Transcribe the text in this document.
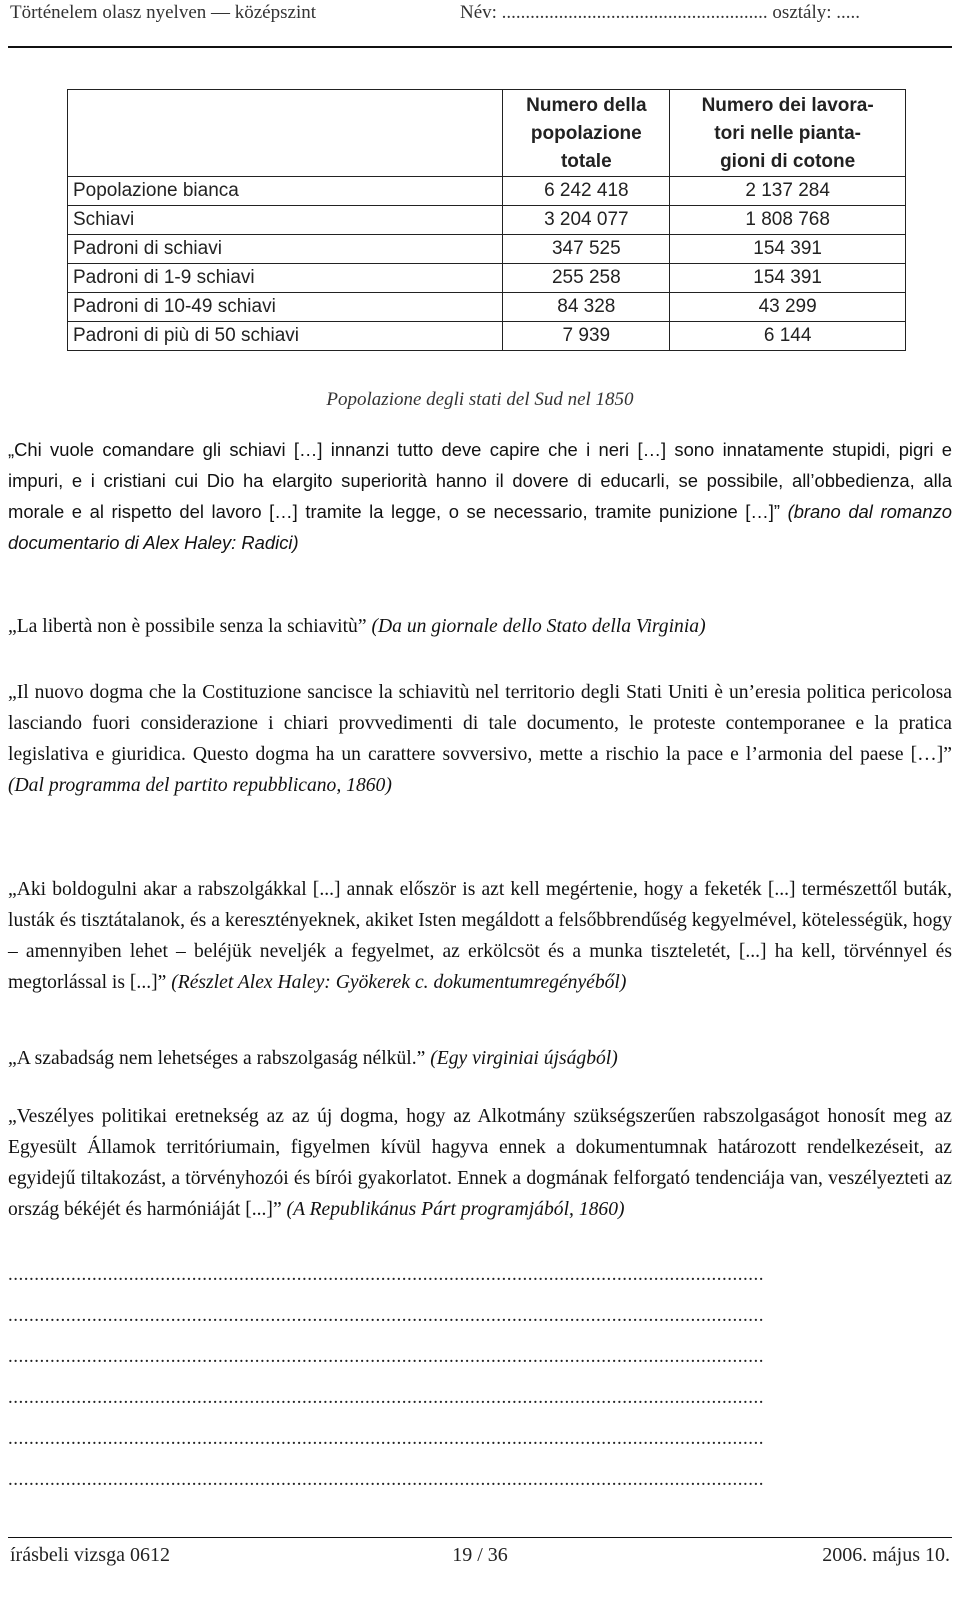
Történelem olasz nyelven — középszint	Név: ........................................................ osztály: .....

	Numero della
popolazione
totale	Numero dei lavora-
tori nelle pianta-
gioni di cotone

Popolazione bianca	6 242 418	2 137 284
Schiavi	3 204 077	1 808 768
Padroni di schiavi	347 525	154 391
Padroni di 1-9 schiavi	255 258	154 391
Padroni di 10-49 schiavi	84 328	43 299
Padroni di più di 50 schiavi	7 939	6 144
Popolazione degli stati del Sud nel 1850
„Chi vuole comandare gli schiavi […] innanzi tutto deve capire che i neri […] sono innatamente stupidi, pigri e impuri, e i cristiani cui Dio ha elargito superiorità hanno il dovere di educarli, se possibile, all’obbedienza, alla morale e al rispetto del lavoro […] tramite la legge, o se necessario, tramite punizione […]” (brano dal romanzo documentario di Alex Haley: Radici)
„La libertà non è possibile senza la schiavitù” (Da un giornale dello Stato della Virginia)
„Il nuovo dogma che la Costituzione sancisce la schiavitù nel territorio degli Stati Uniti è un’eresia politica pericolosa lasciando fuori considerazione i chiari provvedimenti di tale documento, le proteste contemporanee e la pratica legislativa e giuridica. Questo dogma ha un carattere sovversivo, mette a rischio la pace e l’armonia del paese […]” (Dal programma del partito repubblicano, 1860)
„Aki boldogulni akar a rabszolgákkal [...] annak először is azt kell megértenie, hogy a feketék [...] természettől buták, lusták és tisztátalanok, és a keresztényeknek, akiket Isten megáldott a felsőbbrendűség kegyelmével, kötelességük, hogy – amennyiben lehet – beléjük neveljék a fegyelmet, az erkölcsöt és a munka tiszteletét, [...] ha kell, törvénnyel és megtorlással is [...]” (Részlet Alex Haley: Gyökerek c. dokumentumregényéből)
„A szabadság nem lehetséges a rabszolgaság nélkül.” (Egy virginiai újságból)
„Veszélyes politikai eretnekség az az új dogma, hogy az Alkotmány szükségszerűen rabszolgaságot honosít meg az Egyesült Államok territóriumain, figyelmen kívül hagyva ennek a dokumentumnak határozott rendelkezéseit, az egyidejű tiltakozást, a törvényhozói és bírói gyakorlatot. Ennek a dogmának felforgató tendenciája van, veszélyezteti az ország békéjét és harmóniáját [...]” (A Republikánus Párt programjából, 1860)
................................................................................................................................................
................................................................................................................................................
................................................................................................................................................
................................................................................................................................................
................................................................................................................................................
................................................................................................................................................
írásbeli vizsga 0612	19 / 36	2006. május 10.
